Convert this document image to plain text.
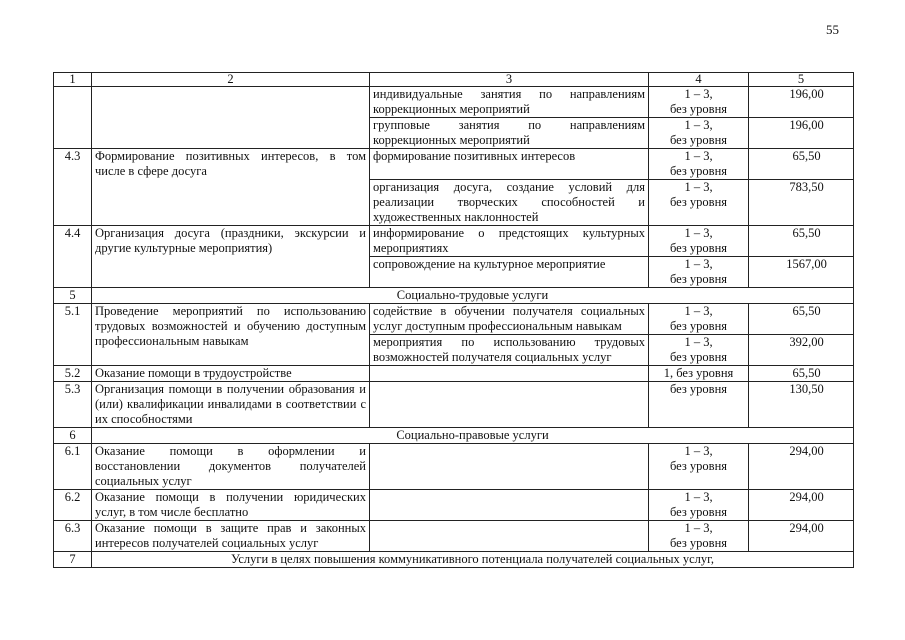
55
1	2	3	4	5
		индивидуальные занятия по направлениям коррекционных мероприятий	1 – 3,
без уровня	196,00
		групповые занятия по направлениям коррекционных мероприятий	1 – 3,
без уровня	196,00
4.3	Формирование позитивных интересов, в том числе в сфере досуга	формирование позитивных интересов	1 – 3,
без уровня	65,50
		организация досуга, создание условий для реализации творческих способностей и художественных наклонностей	1 – 3,
без уровня	783,50
4.4	Организация досуга (праздники, экскурсии и другие культурные мероприятия)	информирование о предстоящих культурных мероприятиях	1 – 3,
без уровня	65,50
		сопровождение на культурное мероприятие	1 – 3,
без уровня	1567,00
5	Социально-трудовые услуги			
5.1	Проведение мероприятий по использованию трудовых возможностей и обучению доступным профессиональным навыкам	содействие в обучении получателя социальных услуг доступным профессиональным навыкам	1 – 3,
без уровня	65,50
		мероприятия по использованию трудовых возможностей получателя социальных услуг	1 – 3,
без уровня	392,00
5.2	Оказание помощи в трудоустройстве		1, без уровня	65,50
5.3	Организация помощи в получении образования и (или) квалификации инвалидами в соответствии с их способностями		без уровня	130,50
6	Социально-правовые услуги			
6.1	Оказание помощи в оформлении и восстановлении документов получателей социальных услуг		1 – 3,
без уровня	294,00
6.2	Оказание помощи в получении юридических услуг, в том числе бесплатно		1 – 3,
без уровня	294,00
6.3	Оказание помощи в защите прав и законных интересов получателей социальных услуг		1 – 3,
без уровня	294,00
7	Услуги в целях повышения коммуникативного потенциала получателей социальных услуг,			
